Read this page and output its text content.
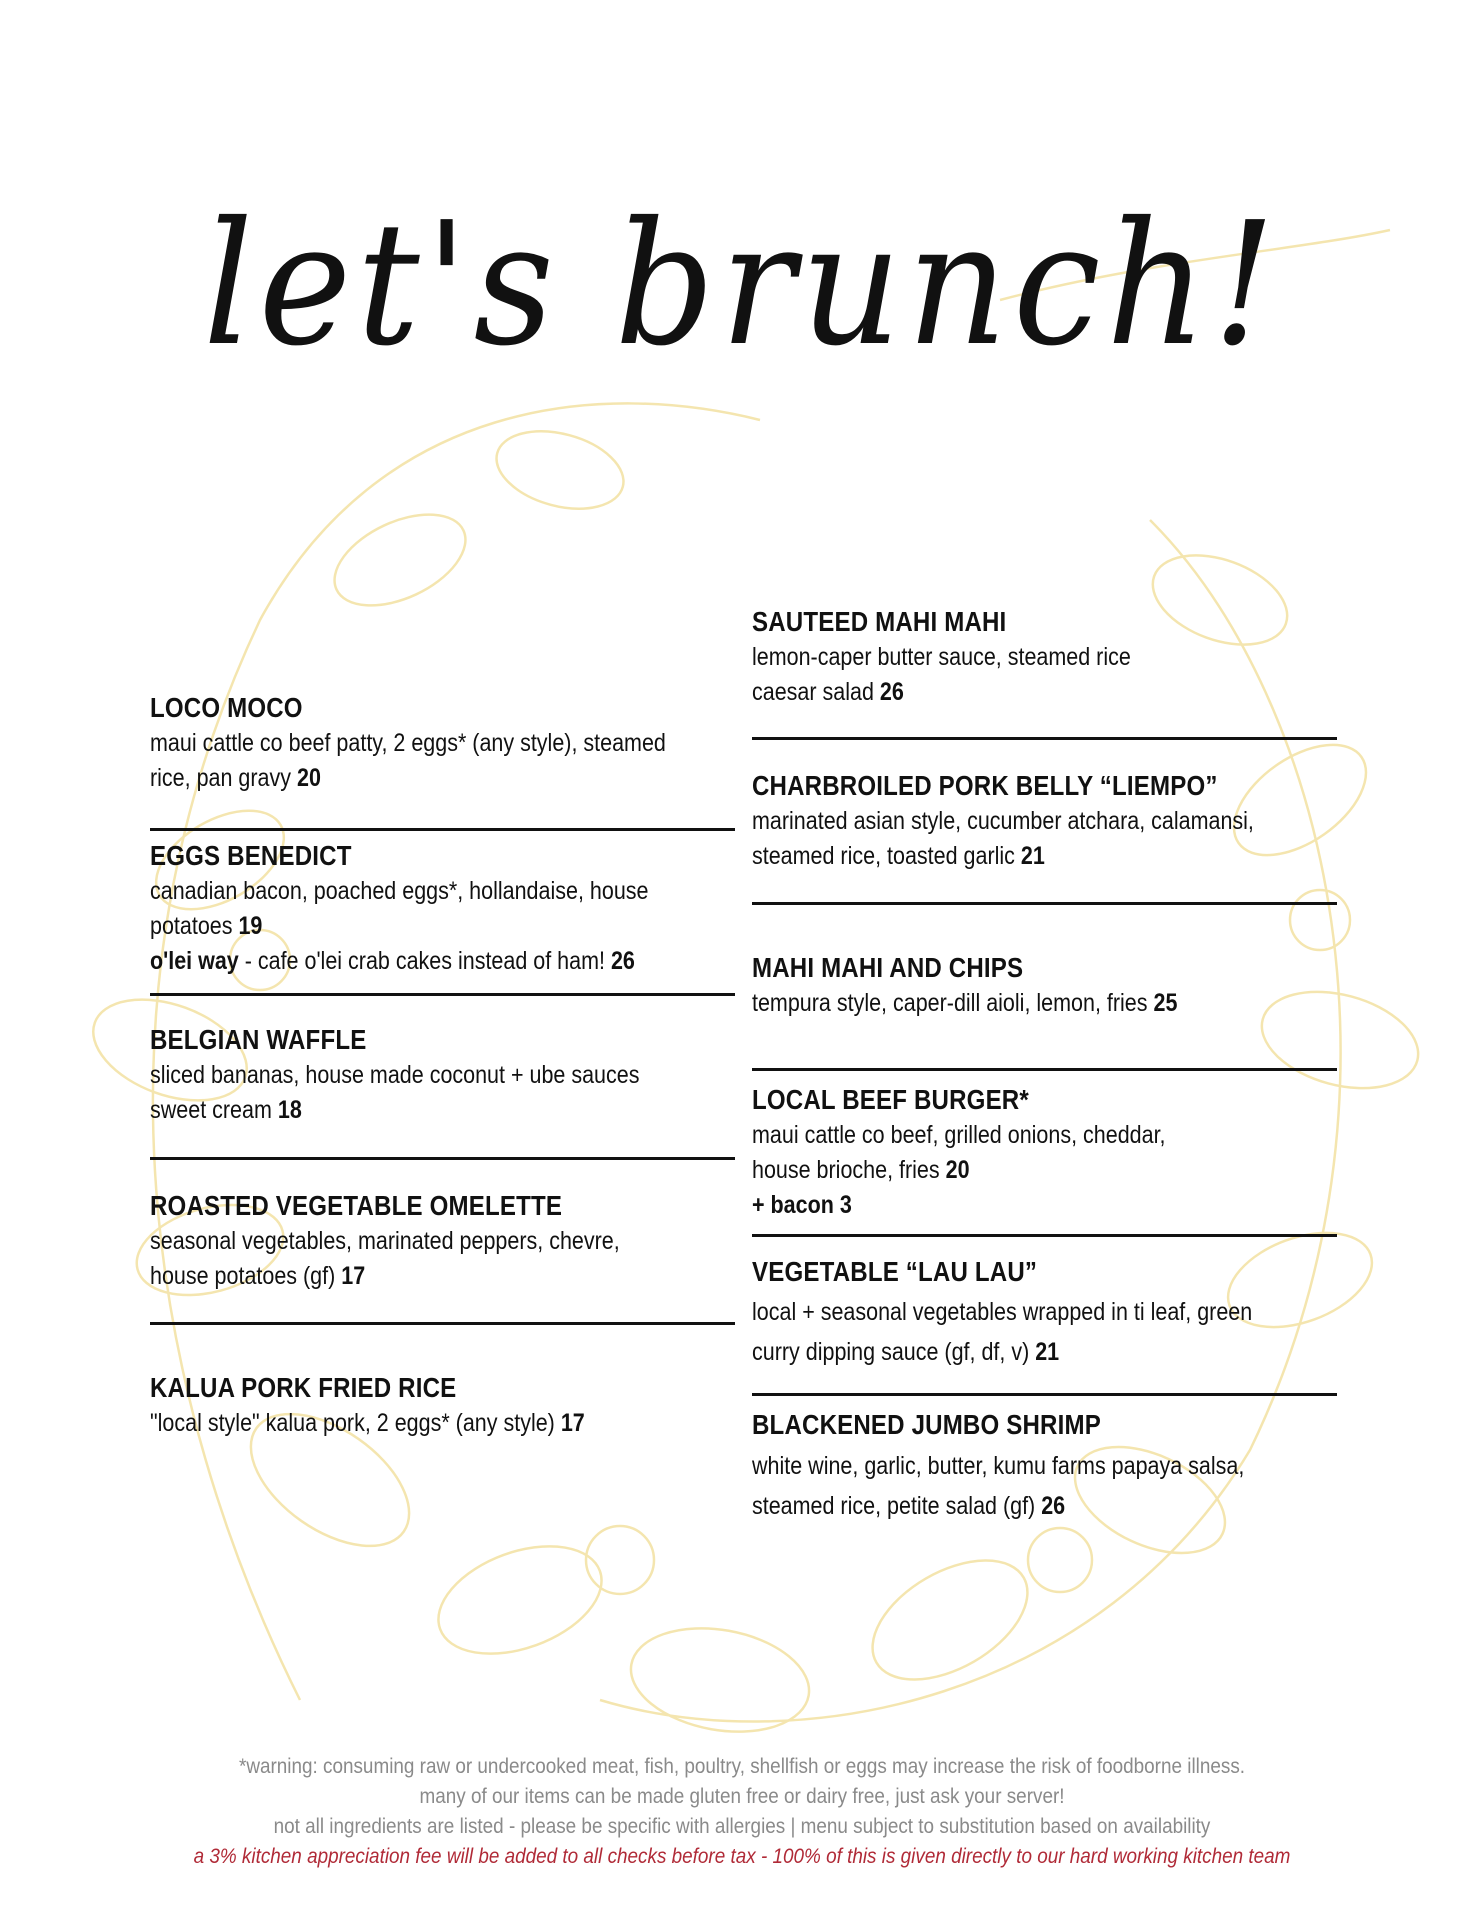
let's brunch!
LOCO MOCO

maui cattle co beef patty, 2 eggs* (any style), steamed

rice, pan gravy 20

EGGS BENEDICT

canadian bacon, poached eggs*, hollandaise, house

potatoes 19

o'lei way - cafe o'lei crab cakes instead of ham! 26

BELGIAN WAFFLE

sliced bananas, house made coconut + ube sauces

sweet cream 18

ROASTED VEGETABLE OMELETTE

seasonal vegetables, marinated peppers, chevre,

house potatoes (gf) 17

KALUA PORK FRIED RICE

"local style" kalua pork, 2 eggs* (any style) 17

SAUTEED MAHI MAHI

lemon-caper butter sauce, steamed rice

caesar salad 26

CHARBROILED PORK BELLY “LIEMPO”

marinated asian style, cucumber atchara, calamansi,

steamed rice, toasted garlic 21

MAHI MAHI AND CHIPS

tempura style, caper-dill aioli, lemon, fries 25

LOCAL BEEF BURGER*

maui cattle co beef, grilled onions, cheddar,

house brioche, fries 20

+ bacon 3

VEGETABLE “LAU LAU”

local + seasonal vegetables wrapped in ti leaf, green

curry dipping sauce (gf, df, v) 21

BLACKENED JUMBO SHRIMP

white wine, garlic, butter, kumu farms papaya salsa,

steamed rice, petite salad (gf) 26

*warning: consuming raw or undercooked meat, fish, poultry, shellfish or eggs may increase the risk of foodborne illness.
many of our items can be made gluten free or dairy free, just ask your server!
not all ingredients are listed - please be specific with allergies | menu subject to substitution based on availability
a 3% kitchen appreciation fee will be added to all checks before tax - 100% of this is given directly to our hard working kitchen team
